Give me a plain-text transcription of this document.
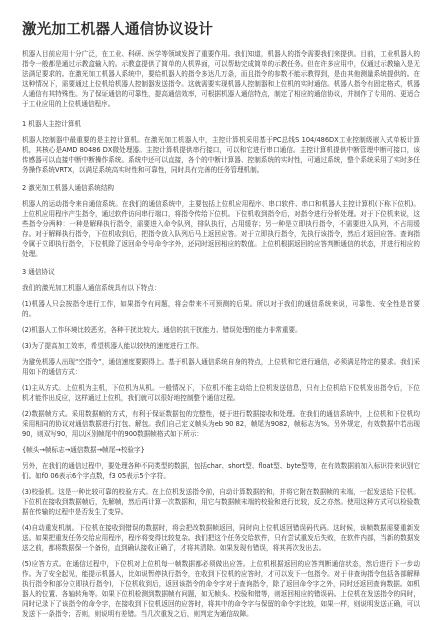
激光加工机器人通信协议设计
机器人目前应用十分广泛，在工业、科研、医学等领域发挥了重要作用。我们知道，机器人的指令需要我们来提供。目前，工业机器人的指令一般都是通过示教盒输入的。示教盒提供了简单的人机界面，可以帮助完成简单的示教任务。但在许多应用中，仅通过示教输入是无法满足要求的。在激光加工机器人系统中，要给机器人的指令多达几万条，而且指令的参数不能示教得到，是由其他测量系统提供的。在这种情况下，需要通过上位机给机器人控制器发送指令。这就需要实现机器人控制器和上位机的实时通信。机器人指令有固定格式，机器人通信有其特殊性。为了保证通信的可靠性，提高通信效率，可根据机器人通信特点，制定了相应的通信协议，并制作了专用的、更适合于工业应用的上位机通信程序。
1 机器人主控计算机
机器人控制器中最重要的是主控计算机。在激光加工机器人中，主控计算机采用基于PC总线S 104/486DX工业控制级嵌入式单板计算机，其核心是AMD 80486 DX微处理器。主控计算机提供串行接口，可以和它进行串口通信。主控计算机提供中断管理中断可接口，该传感器可以直接中断中断操作系统。系统中还可以直接，各个的中断计算器、控制系统的实时性，可通过系统，整个系统采用了实时多任务操作系统VRTX，以满足系统高实时性和可靠性，同时具有完善的任务管理机制。
2 激光加工机器人通信系统结构
机器人的运动指令来自通信系统。在我们的通信系统中，主要包括上位机应用程序、串口软件、串口和机器人主控计算机(下称下位机)。上位机应用程序产生指令，通过软件访问串行端口，将指令传给下位机。下位机收到指令后，对指令进行分析处理。对于下位机来说，这些指令分两种：一种是解释执行指令，需要进入命令队列，排队执行，占用缓存；另一种是立即执行指令，不需要进入队列，不占用缓存。对于解释执行指令，下位机收到后，把指令放入队列后马上返回应答。对于立即执行指令，先执行该指令，然后才返回应答。查询指令属于立即执行指令，下位机除了返回命令号命令字外，还同时返回相应的数值。上位机根据返回的应答判断通信的状态，并进行相应的处理。
3 通信协议
我们的激光加工机器人通信系统具有以下特点：
(1)机器人只会按指令进行工作，如果指令有问题，将会带来不可预测的后果。所以对于我们的通信系统来说，可靠性、安全性是首要的。
(2)机器人工作环境比较恶劣，各种干扰比较大。通信的抗干扰能力、错误处理的能力非常重要。
(3)为了提高加工效率，希望机器人能以较快的速度进行工作。
为避免机器人出现“空指令”，通信速度要跟得上。基于机器人通信系统自身的特点，上位机和它进行通信，必须满足特定的要求。我们采用如下的通信方式：
(1)主从方式。上位机为主机，下位机为从机。一般情况下，下位机不能主动给上位机发送信息，只有上位机给下位机发出指令后，下位机才能作出反应，这样通过上位机，我们就可以很好地控制整个通信过程。
(2)数据帧方式。采用数据帧的方式，有利于保证数据包的完整性，便于进行数据接收和处理。在我们的通信系统中，上位机和下位机均采用相同的协议对通信数据进行打包、解包。我们自己定义帧头为eb 90 82，帧尾为9082，帧标志为%。另外规定，有效数据中若出现90，则双写90，用以区别帧尾中的900数据帧格式如下所示：
{帧头→帧标志→通信数据→帧尾→校验字}
另外，在我们的通信过程中，要处理各种不同类型的数据，包括char、short型、float型、byte型等，在有效数据前加入标识符来识别它们。如f0 06表示6个字点数，f3 05表示5个字符。
(3)校验机。这是一种比较可靠的校验方式。在上位机发送指令前，自动计算数据的和，并将它附在数据帧的末端，一起发送给下位机。下位机在接收到数据帧后，先解帧，然后再计算一次数据和，用它与数据帧末端的校验和进行比较，反之亦然。使用这种方式可以检验数据在传输的过程中是否发生了变异。
(4)自动重发机制。下位机在接收到错误的数据时，将会把改数据帧返回，同时向上位机返回错误码代码。这时候，该帧数据需要重新发送。如果把重发任务交给应用程序，程序将变得比较复杂。我们把这个任务交给软件，只有尝试重发后失败，在软件内部，当新的数据发送之前，都将数据保一个备份，直到确认接收正确了，才将其清除。如果发现有错误，将其再次发出去。
(5)应答方式。在通信过程中，下位机对上位机每一帧数据都必须做出应答。上位机根据返回的应答判断通信状态，然后进行下一步动作。为了安全起见，能提示机器人，比如说暂停执行指令，在收到下位机的应答时，才可以发下一包指令。对于非查询指令包括各部解释执行指令和部分立即执行指令)，下位机收到后，返回该指令的命令字对于查询指令，除了返回命令字之外，同时还返回查询数据。如机器人的位置、各轴转角等。如果下位机检测到数据帧有问题，如无帧头、校验和错等，则返回相应的错误码。上位机在发送指令的同时，同时记录下了该指令的命令字，在接收到下位机返回的应答时，将其中的命令字与保留的命令字比较，如果一样，则说明发送正确，可以发送下一条指令；否则，则说明有差错。当几次重发之后，则判定为通信故障。
